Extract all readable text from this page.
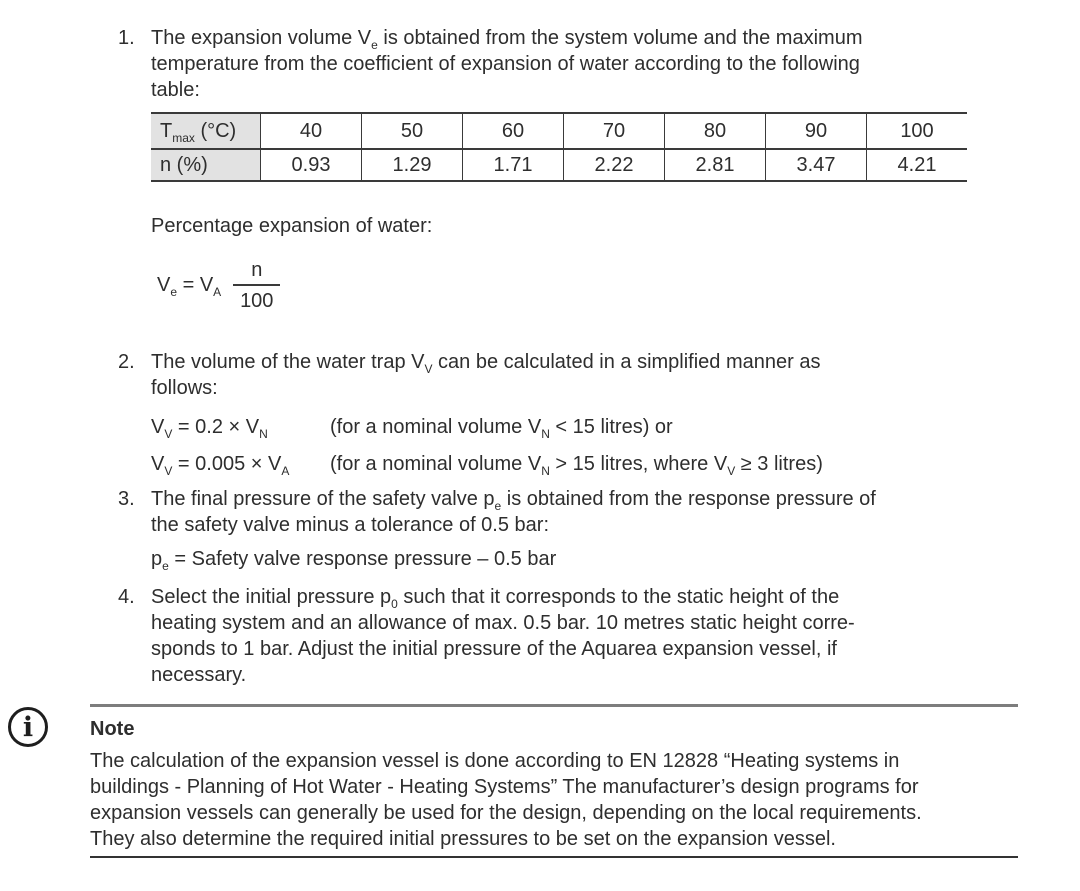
1. The expansion volume $V_e$ is obtained from the system volume and the maximum
temperature from the coefficient of expansion of water according to the following
table:
$T_{max}$ (°C)	40	50	60	70	80	90	100
n (%)	0.93	1.29	1.71	2.22	2.81	3.47	4.21
Percentage expansion of water:
$V_e = V_A \frac{n}{100}$
2. The volume of the water trap $V_V$ can be calculated in a simplified manner as
follows:
$V_V = 0.2 \times V_N$	(for a nominal volume $V_N < 15$ litres) or
$V_V = 0.005 \times V_A$	(for a nominal volume $V_N > 15$ litres, where $V_V \ge 3$ litres)
3. The final pressure of the safety valve $p_e$ is obtained from the response pressure of
the safety valve minus a tolerance of 0.5 bar:
$p_e$ = Safety valve response pressure – 0.5 bar
4. Select the initial pressure $p_0$ such that it corresponds to the static height of the
heating system and an allowance of max. 0.5 bar. 10 metres static height corre-
sponds to 1 bar. Adjust the initial pressure of the Aquarea expansion vessel, if
necessary.
i	Note
The calculation of the expansion vessel is done according to EN 12828 “Heating systems in
buildings - Planning of Hot Water - Heating Systems” The manufacturer’s design programs for
expansion vessels can generally be used for the design, depending on the local requirements.
They also determine the required initial pressures to be set on the expansion vessel.
